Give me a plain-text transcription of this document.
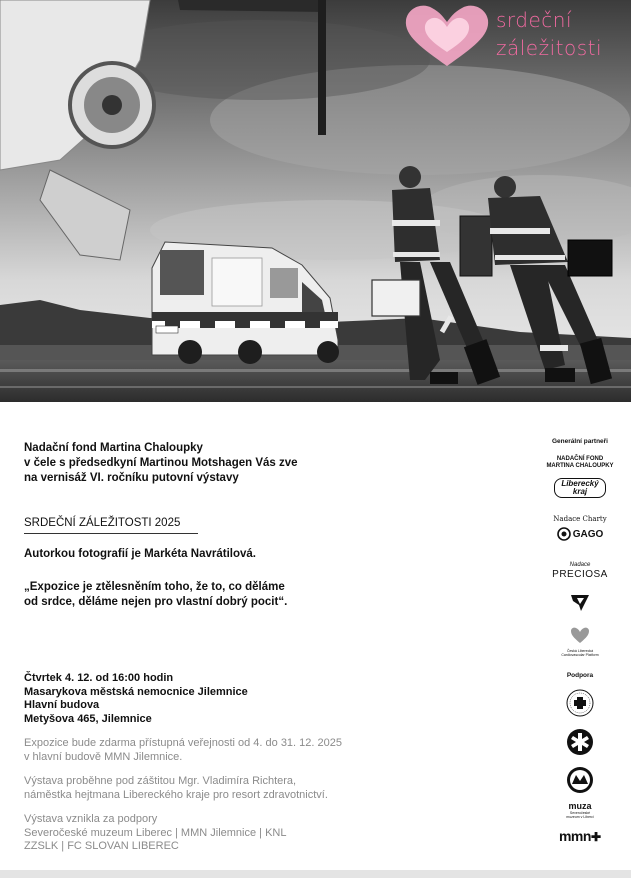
srdeční
záležitosti
Nadační fond Martina Chaloupky
v čele s předsedkyní Martinou Motshagen Vás zve
na vernisáž VI. ročníku putovní výstavy
SRDEČNÍ ZÁLEŽITOSTI 2025
Autorkou fotografií je Markéta Navrátilová.
„Expozice je ztělesněním toho, že to, co děláme
od srdce, děláme nejen pro vlastní dobrý pocit“.
Čtvrtek 4. 12. od 16:00 hodin
Masarykova městská nemocnice Jilemnice
Hlavní budova
Metyšova 465, Jilemnice
Expozice bude zdarma přístupná veřejnosti od 4. do 31. 12. 2025
v hlavní budově MMN Jilemnice.
Výstava proběhne pod záštitou Mgr. Vladimíra Richtera,
náměstka hejtmana Libereckého kraje pro resort zdravotnictví.
Výstava vznikla za podpory
Severočeské muzeum Liberec | MMN Jilemnice | KNL
ZZSLK | FC SLOVAN LIBEREC
Generální partneři
NADAČNÍ FOND
MARTINA CHALOUPKY
Liberecký
kraj
Nadace Charty
GAGO
Nadace
PRECIOSA
Česká Liberecká
Cardiovascular Platform
Podpora
muza
Severočeské
muzeum v Liberci
mmn✚
